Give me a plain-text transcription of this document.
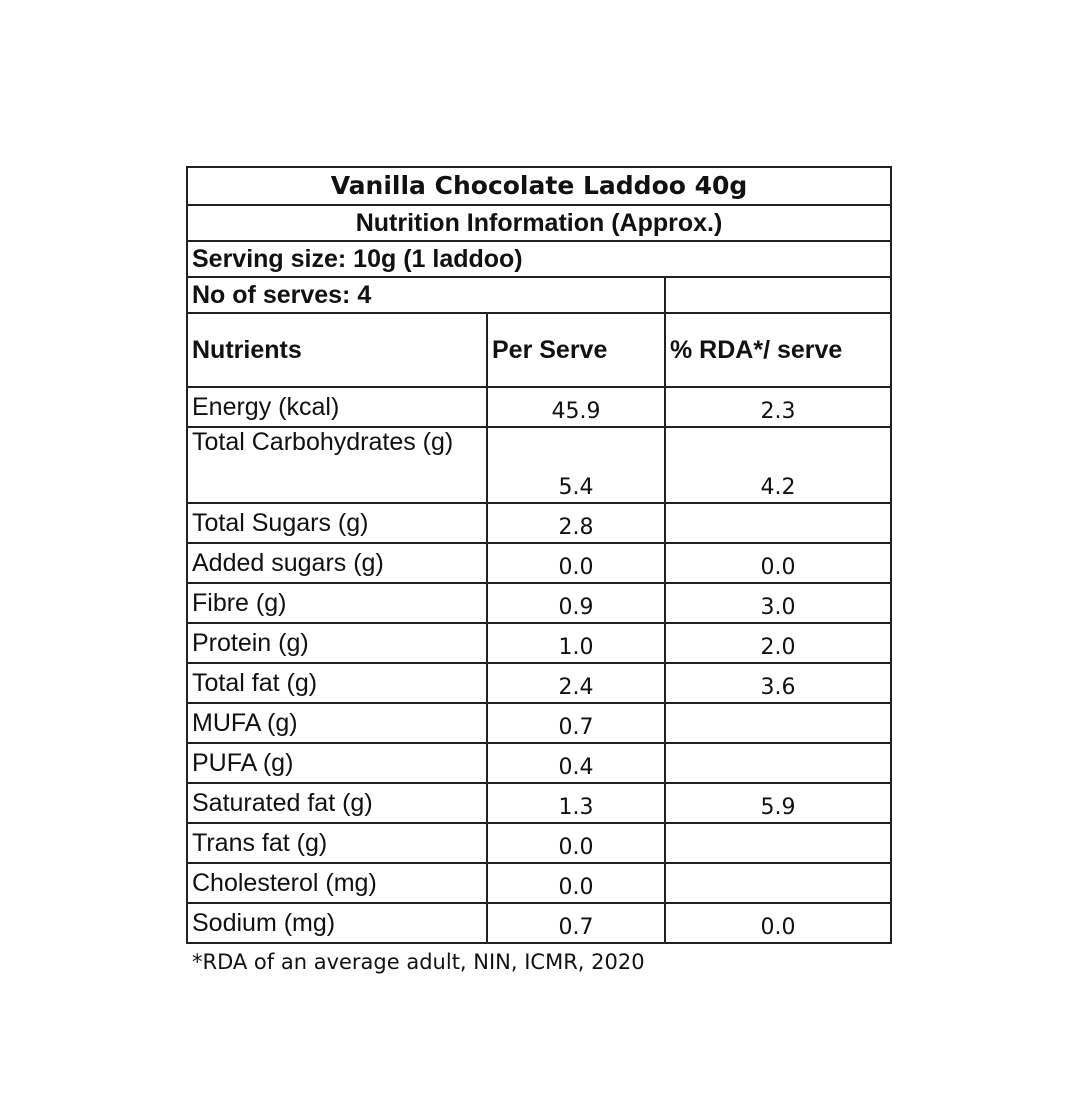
Vanilla Chocolate Laddoo 40g		
Nutrition Information (Approx.)		
Serving size: 10g (1 laddoo)		
No of serves: 4		
Nutrients	Per Serve	% RDA*/ serve
Energy (kcal)	45.9	2.3
Total Carbohydrates (g)	5.4	4.2
Total Sugars (g)	2.8	
Added sugars (g)	0.0	0.0
Fibre (g)	0.9	3.0
Protein (g)	1.0	2.0
Total fat (g)	2.4	3.6
MUFA (g)	0.7	
PUFA (g)	0.4	
Saturated fat (g)	1.3	5.9
Trans fat (g)	0.0	
Cholesterol (mg)	0.0	
Sodium (mg)	0.7	0.0
*RDA of an average adult, NIN, ICMR, 2020
